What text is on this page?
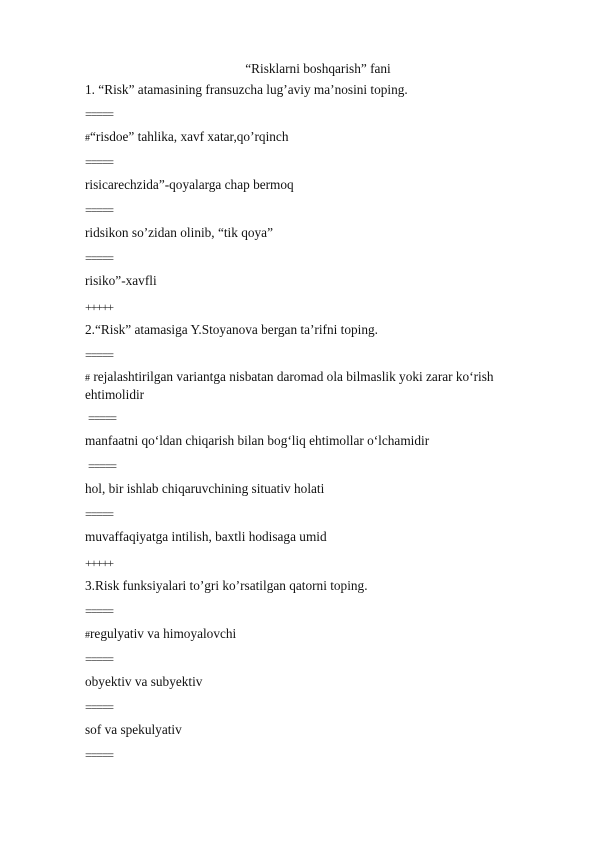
“Risklarni boshqarish” fani
1. “Risk” atamasining fransuzcha lug’aviy ma’nosini toping.
=====
#“risdoe” tahlika, xavf xatar,qo’rqinch
=====
risicarechzida”-qoyalarga chap bermoq
=====
ridsikon so’zidan olinib, “tik qoya”
=====
risiko”-xavfli
+++++
2.“Risk” atamasiga Y.Stoyanova bergan ta’rifni toping.
=====
# rejalashtirilgan variantga nisbatan daromad ola bilmaslik yoki zarar ko‘rish ehtimolidir
=====
manfaatni qo‘ldan chiqarish bilan bog‘liq ehtimollar o‘lchamidir
=====
hol, bir ishlab chiqaruvchining situativ holati
=====
muvaffaqiyatga intilish, baxtli hodisaga umid
+++++
3.Risk funksiyalari to’gri ko’rsatilgan qatorni toping.
=====
#regulyativ va himoyalovchi
=====
obyektiv va subyektiv
=====
sof va spekulyativ
=====
